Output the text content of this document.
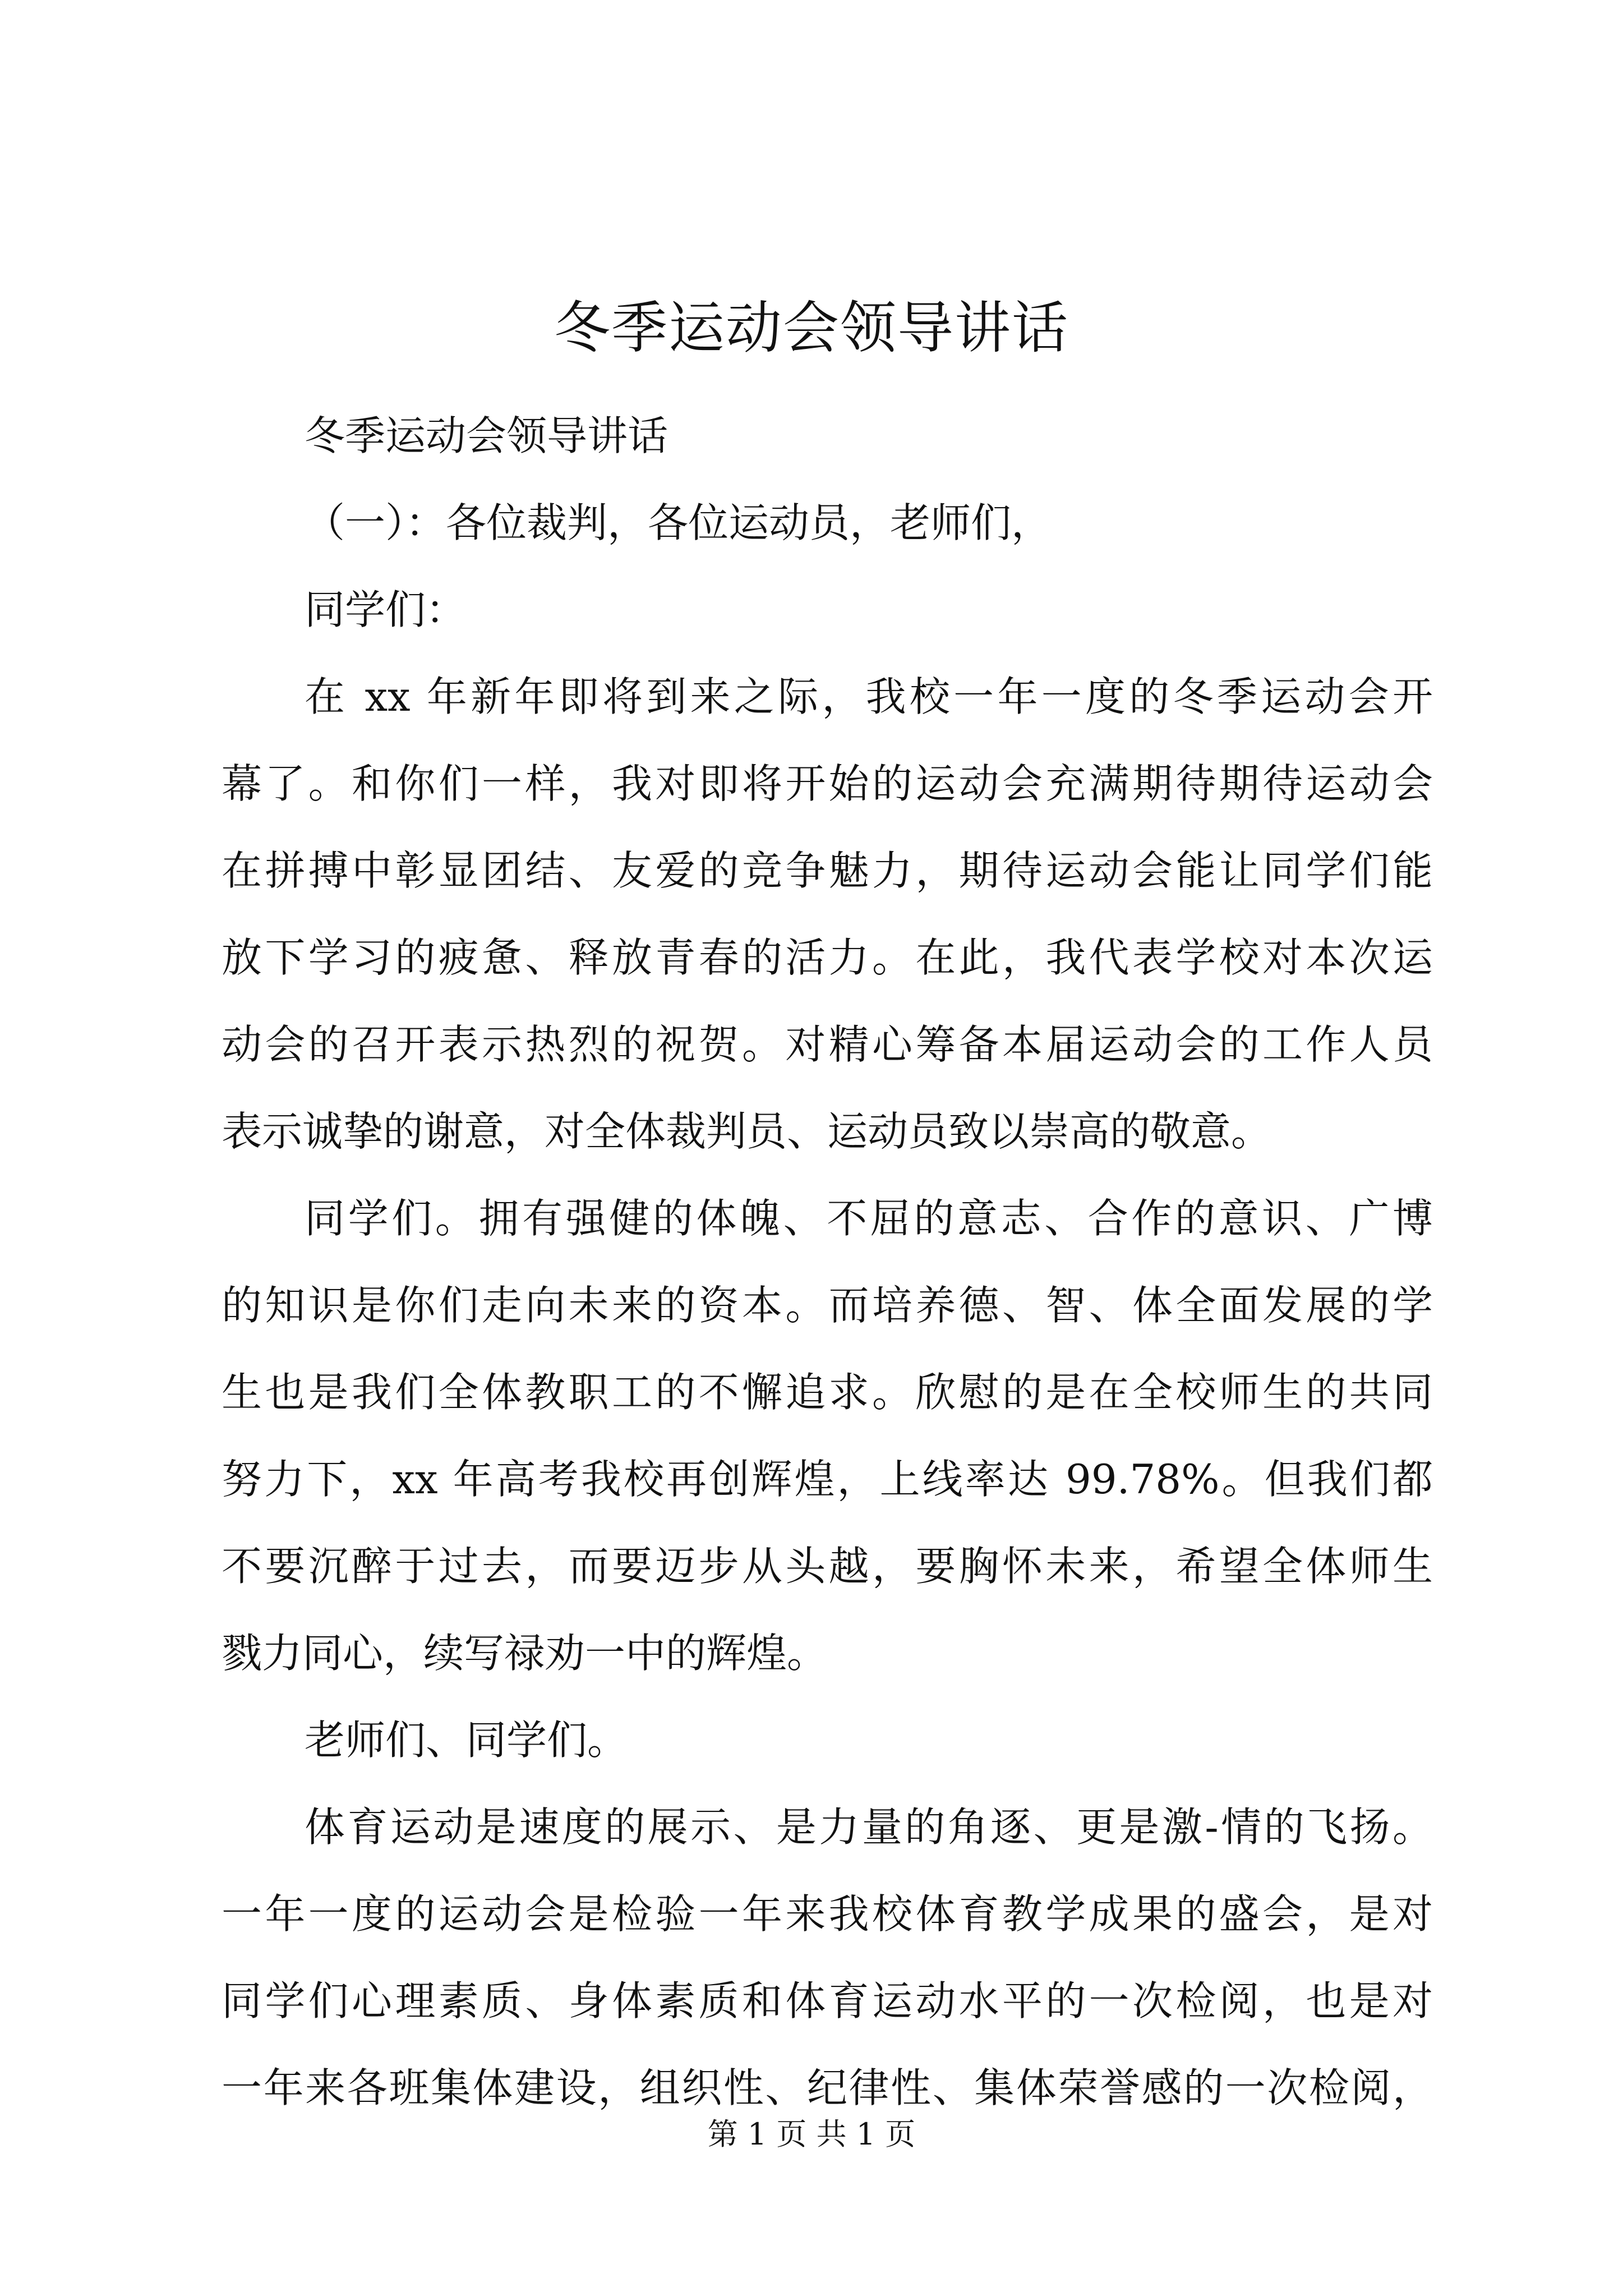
冬季运动会领导讲话
冬季运动会领导讲话
（一）：各位裁判，各位运动员，老师们，
同学们：
在 xx 年新年即将到来之际，我校一年一度的冬季运动会开
幕了。和你们一样，我对即将开始的运动会充满期待期待运动会
在拼搏中彰显团结、友爱的竞争魅力，期待运动会能让同学们能
放下学习的疲惫、释放青春的活力。在此，我代表学校对本次运
动会的召开表示热烈的祝贺。对精心筹备本届运动会的工作人员
表示诚挚的谢意，对全体裁判员、运动员致以崇高的敬意。
同学们。拥有强健的体魄、不屈的意志、合作的意识、广博
的知识是你们走向未来的资本。而培养德、智、体全面发展的学
生也是我们全体教职工的不懈追求。欣慰的是在全校师生的共同
努力下，xx 年高考我校再创辉煌，上线率达 99.78%。但我们都
不要沉醉于过去，而要迈步从头越，要胸怀未来，希望全体师生
戮力同心，续写禄劝一中的辉煌。
老师们、同学们。
体育运动是速度的展示、是力量的角逐、更是激-情的飞扬。
一年一度的运动会是检验一年来我校体育教学成果的盛会，是对
同学们心理素质、身体素质和体育运动水平的一次检阅，也是对
一年来各班集体建设，组织性、纪律性、集体荣誉感的一次检阅，
第 1 页 共 1 页
